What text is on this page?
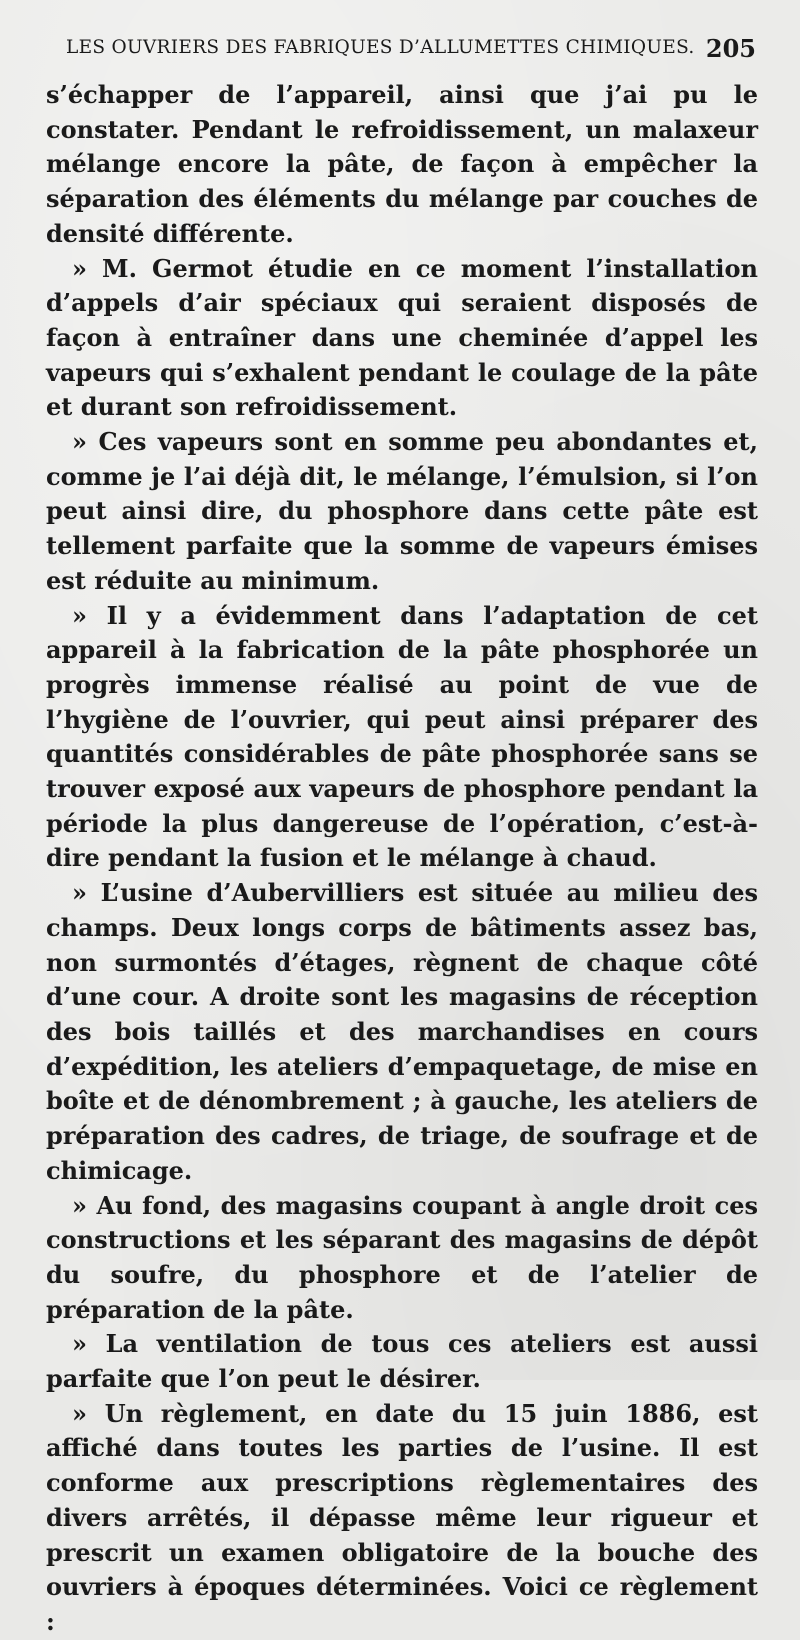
LES OUVRIERS DES FABRIQUES D’ALLUMETTES CHIMIQUES. 205

s’échapper de l’appareil, ainsi que j’ai pu le constater. Pendant le refroidissement, un malaxeur mélange encore la pâte, de façon à empêcher la séparation des éléments du mélange par couches de densité différente.

» M. Germot étudie en ce moment l’installation d’appels d’air spéciaux qui seraient disposés de façon à entraîner dans une cheminée d’appel les vapeurs qui s’exhalent pendant le coulage de la pâte et durant son refroidissement.

» Ces vapeurs sont en somme peu abondantes et, comme je l’ai déjà dit, le mélange, l’émulsion, si l’on peut ainsi dire, du phosphore dans cette pâte est tellement parfaite que la somme de vapeurs émises est réduite au minimum.

» Il y a évidemment dans l’adaptation de cet appareil à la fabrication de la pâte phosphorée un progrès immense réalisé au point de vue de l’hygiène de l’ouvrier, qui peut ainsi préparer des quantités considérables de pâte phosphorée sans se trouver exposé aux vapeurs de phosphore pendant la période la plus dangereuse de l’opération, c’est-à-dire pendant la fusion et le mélange à chaud.

» L’usine d’Aubervilliers est située au milieu des champs. Deux longs corps de bâtiments assez bas, non surmontés d’étages, règnent de chaque côté d’une cour. A droite sont les magasins de réception des bois taillés et des marchandises en cours d’expédition, les ateliers d’empaquetage, de mise en boîte et de dénombrement ; à gauche, les ateliers de préparation des cadres, de triage, de soufrage et de chimicage.

» Au fond, des magasins coupant à angle droit ces constructions et les séparant des magasins de dépôt du soufre, du phosphore et de l’atelier de préparation de la pâte.

» La ventilation de tous ces ateliers est aussi parfaite que l’on peut le désirer.

» Un règlement, en date du 15 juin 1886, est affiché dans toutes les parties de l’usine. Il est conforme aux prescriptions règlementaires des divers arrêtés, il dépasse même leur rigueur et prescrit un examen obligatoire de la bouche des ouvriers à époques déterminées. Voici ce règlement :
